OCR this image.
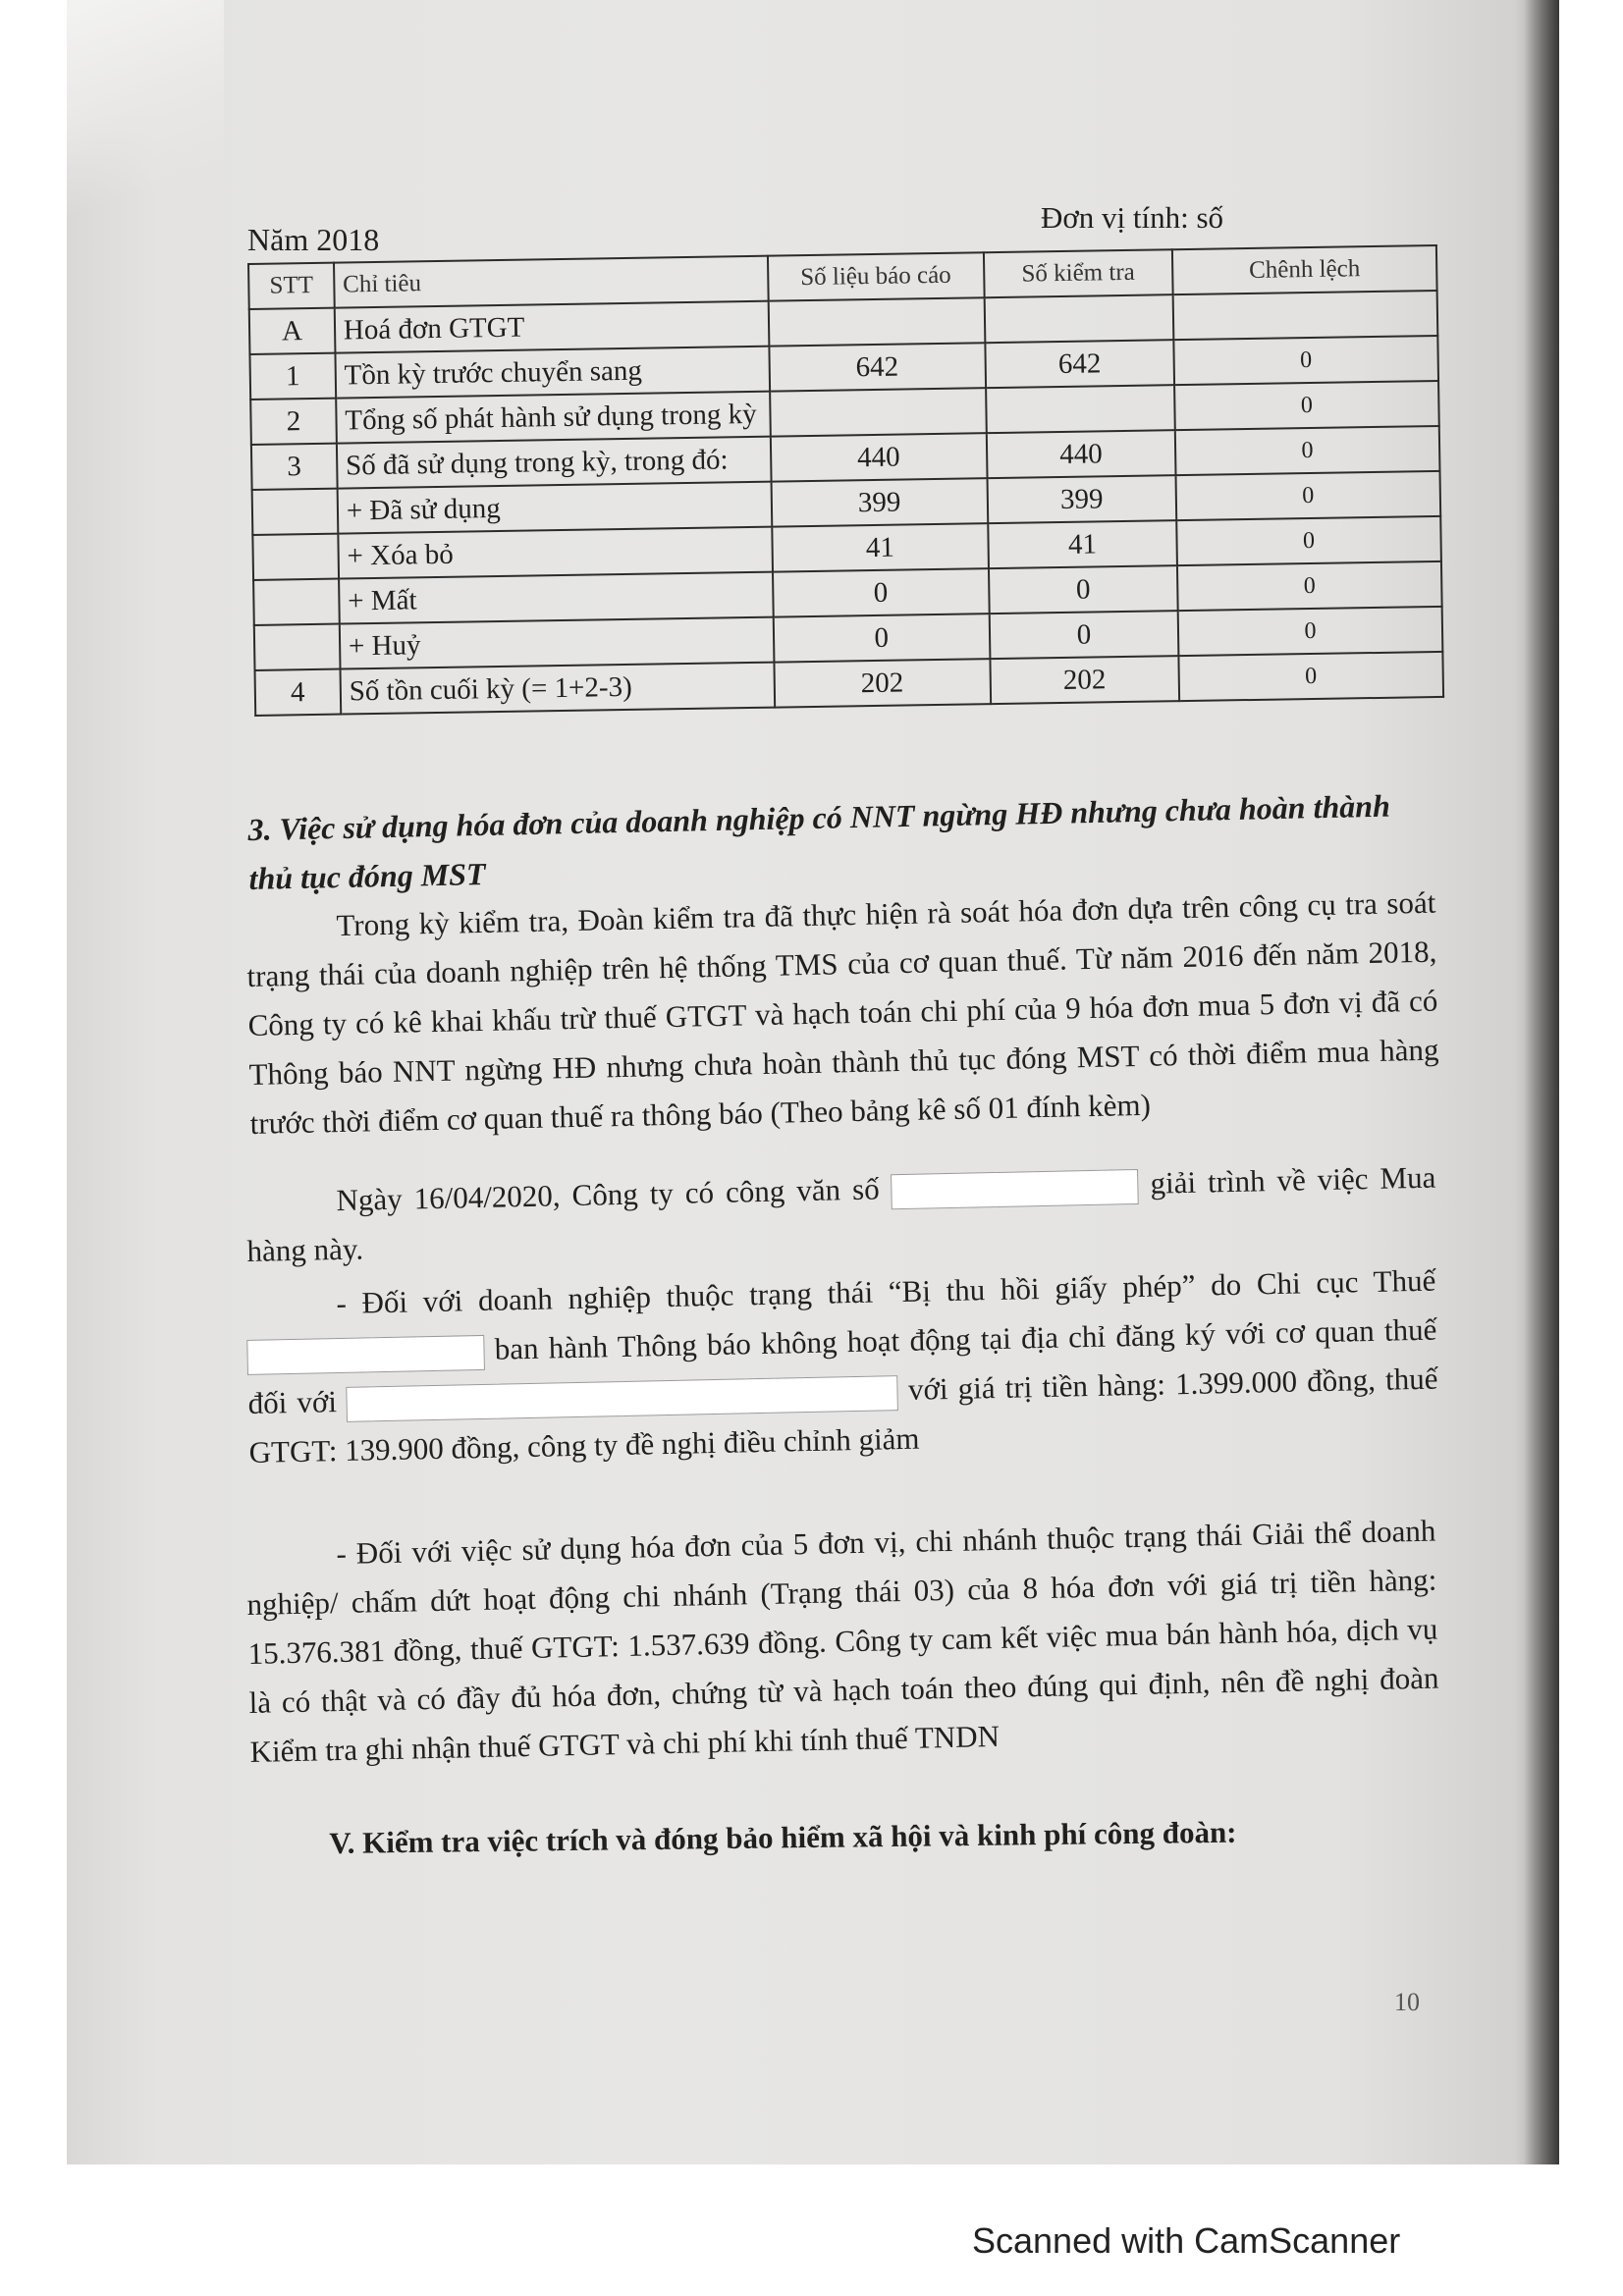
Năm 2018
Đơn vị tính: số
STT	Chỉ tiêu	Số liệu báo cáo	Số kiểm tra	Chênh lệch
A	Hoá đơn GTGT			
1	Tồn kỳ trước chuyển sang	642	642	0
2	Tổng số phát hành sử dụng trong kỳ			0
3	Số đã sử dụng trong kỳ, trong đó:	440	440	0
	+ Đã sử dụng	399	399	0
	+ Xóa bỏ	41	41	0
	+ Mất	0	0	0
	+ Huỷ	0	0	0
4	Số tồn cuối kỳ (= 1+2-3)	202	202	0
3. Việc sử dụng hóa đơn của doanh nghiệp có NNT ngừng HĐ nhưng chưa hoàn thành thủ tục đóng MST
Trong kỳ kiểm tra, Đoàn kiểm tra đã thực hiện rà soát hóa đơn dựa trên công cụ tra soát trạng thái của doanh nghiệp trên hệ thống TMS của cơ quan thuế. Từ năm 2016 đến năm 2018, Công ty có kê khai khấu trừ thuế GTGT và hạch toán chi phí của 9 hóa đơn mua 5 đơn vị đã có Thông báo NNT ngừng HĐ nhưng chưa hoàn thành thủ tục đóng MST có thời điểm mua hàng trước thời điểm cơ quan thuế ra thông báo (Theo bảng kê số 01 đính kèm)
Ngày 16/04/2020, Công ty có công văn số	giải trình về việc Mua hàng này.
- Đối với doanh nghiệp thuộc trạng thái “Bị thu hồi giấy phép” do Chi cục Thuế  ban hành Thông báo không hoạt động tại địa chỉ đăng ký với cơ quan thuế đối với	với giá trị tiền hàng: 1.399.000 đồng, thuế GTGT: 139.900 đồng, công ty đề nghị điều chỉnh giảm
- Đối với việc sử dụng hóa đơn của 5 đơn vị, chi nhánh thuộc trạng thái Giải thể doanh nghiệp/ chấm dứt hoạt động chi nhánh (Trạng thái 03) của 8 hóa đơn với giá trị tiền hàng: 15.376.381 đồng, thuế GTGT: 1.537.639 đồng. Công ty cam kết việc mua bán hành hóa, dịch vụ là có thật và có đầy đủ hóa đơn, chứng từ và hạch toán theo đúng qui định, nên đề nghị đoàn Kiểm tra ghi nhận thuế GTGT và chi phí khi tính thuế TNDN
V. Kiểm tra việc trích và đóng bảo hiểm xã hội và kinh phí công đoàn:
10
Scanned with CamScanner
